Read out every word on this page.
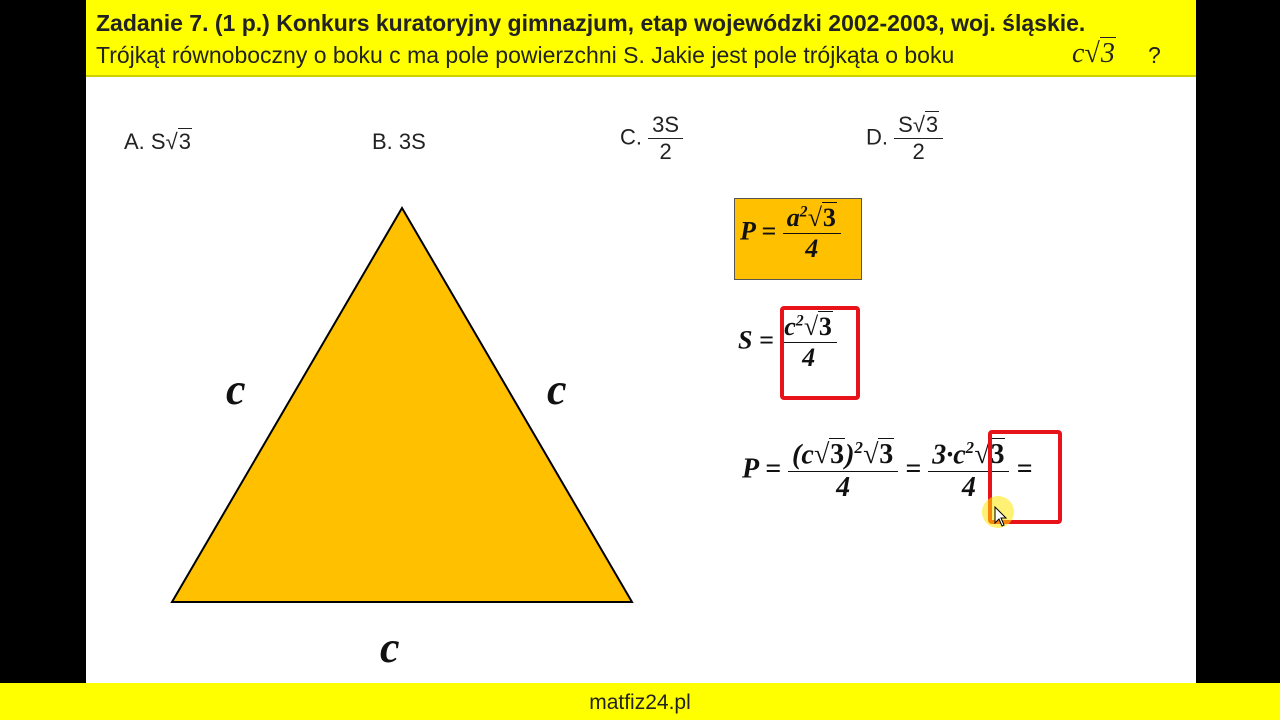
Zadanie 7. (1 p.) Konkurs kuratoryjny gimnazjum, etap wojewódzki 2002-2003, woj. śląskie.
Trójkąt równoboczny o boku c ma pole powierzchni S. Jakie jest pole trójkąta o boku	c√3 ?
A. S√3	B. 3S	C. $\frac{3S}{2}$	D. $\frac{S√3}{2}$
c	c
c
$P = \frac{a^2√3}{4}$
$S = \frac{c^2√3}{4}$
$P = \frac{(c√3)^2√3}{4} = \frac{3\cdot c^2√3}{4}$ =
matfiz24.pl
